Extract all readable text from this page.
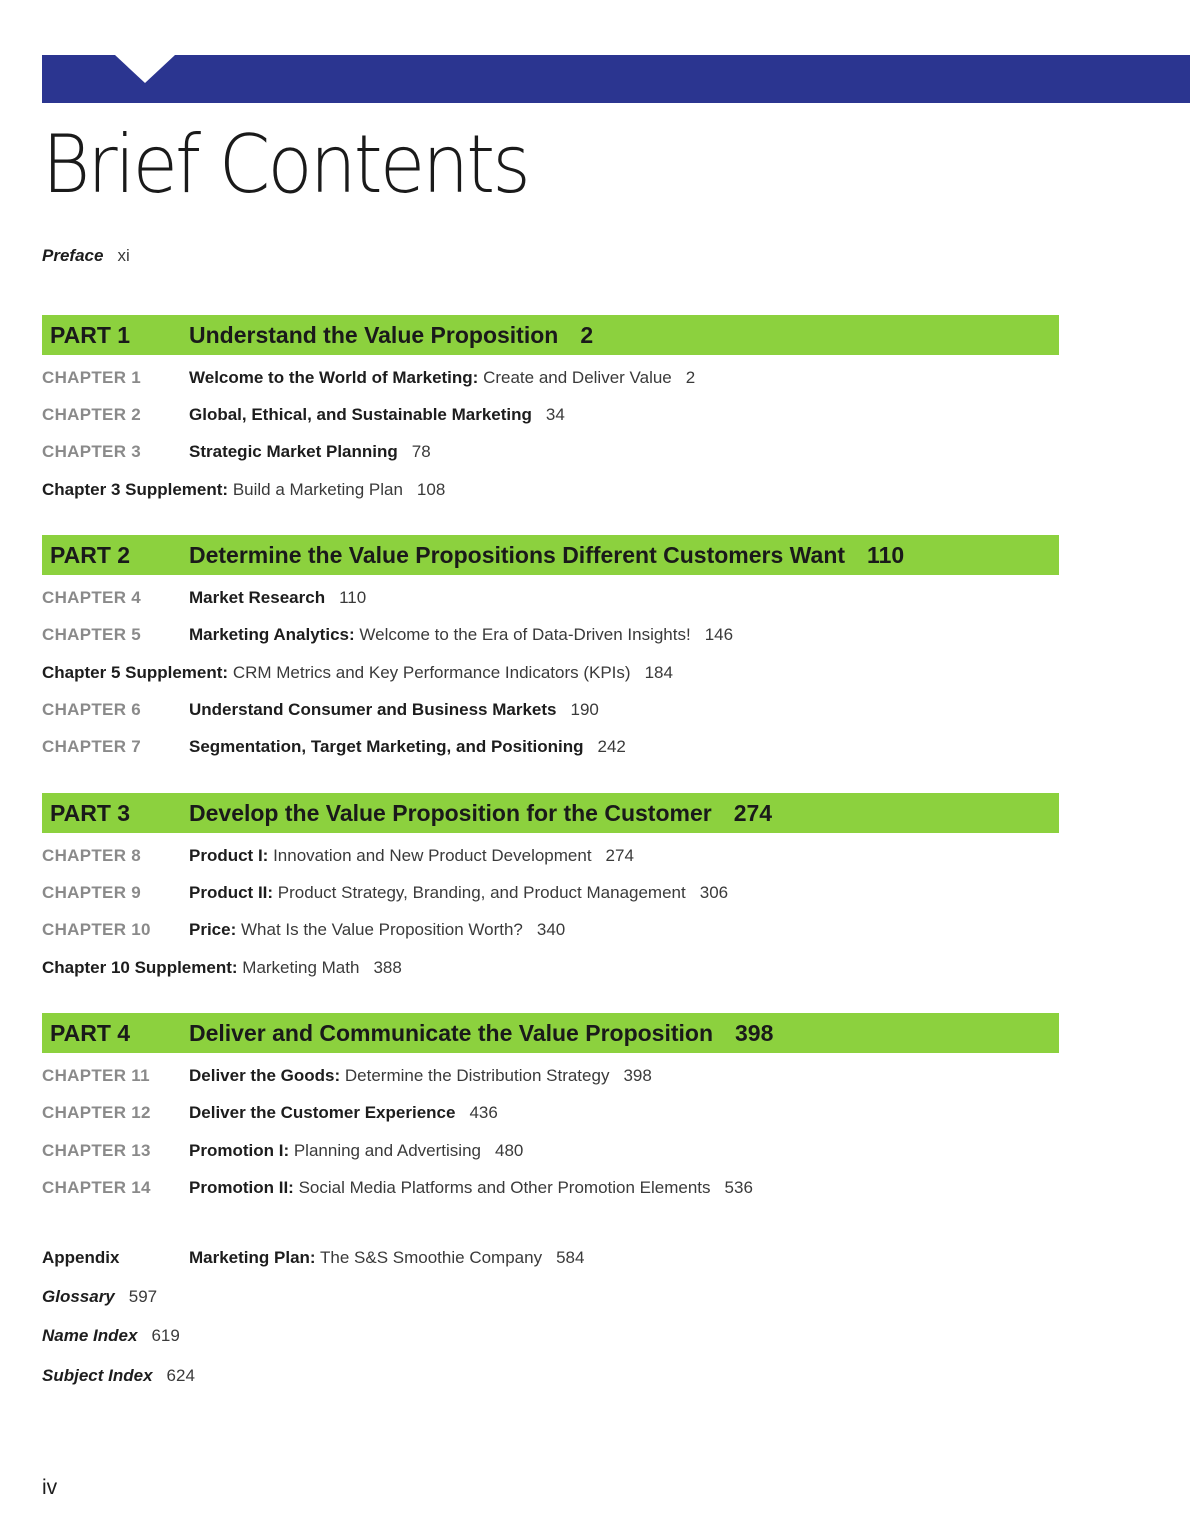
Brief Contents
Preface xi
PART 1	Understand the Value Proposition 2
CHAPTER 1	Welcome to the World of Marketing: Create and Deliver Value 2
CHAPTER 2	Global, Ethical, and Sustainable Marketing 34
CHAPTER 3	Strategic Market Planning 78
Chapter 3 Supplement: Build a Marketing Plan 108
PART 2	Determine the Value Propositions Different Customers Want 110
CHAPTER 4	Market Research 110
CHAPTER 5	Marketing Analytics: Welcome to the Era of Data-Driven Insights! 146
Chapter 5 Supplement: CRM Metrics and Key Performance Indicators (KPIs) 184
CHAPTER 6	Understand Consumer and Business Markets 190
CHAPTER 7	Segmentation, Target Marketing, and Positioning 242
PART 3	Develop the Value Proposition for the Customer 274
CHAPTER 8	Product I: Innovation and New Product Development 274
CHAPTER 9	Product II: Product Strategy, Branding, and Product Management 306
CHAPTER 10 Price: What Is the Value Proposition Worth? 340
Chapter 10 Supplement: Marketing Math 388
PART 4	Deliver and Communicate the Value Proposition 398
CHAPTER 11 Deliver the Goods: Determine the Distribution Strategy 398
CHAPTER 12 Deliver the Customer Experience 436
CHAPTER 13 Promotion I: Planning and Advertising 480
CHAPTER 14 Promotion II: Social Media Platforms and Other Promotion Elements 536
Appendix	Marketing Plan: The S&S Smoothie Company 584
Glossary 597
Name Index 619
Subject Index 624
iv
